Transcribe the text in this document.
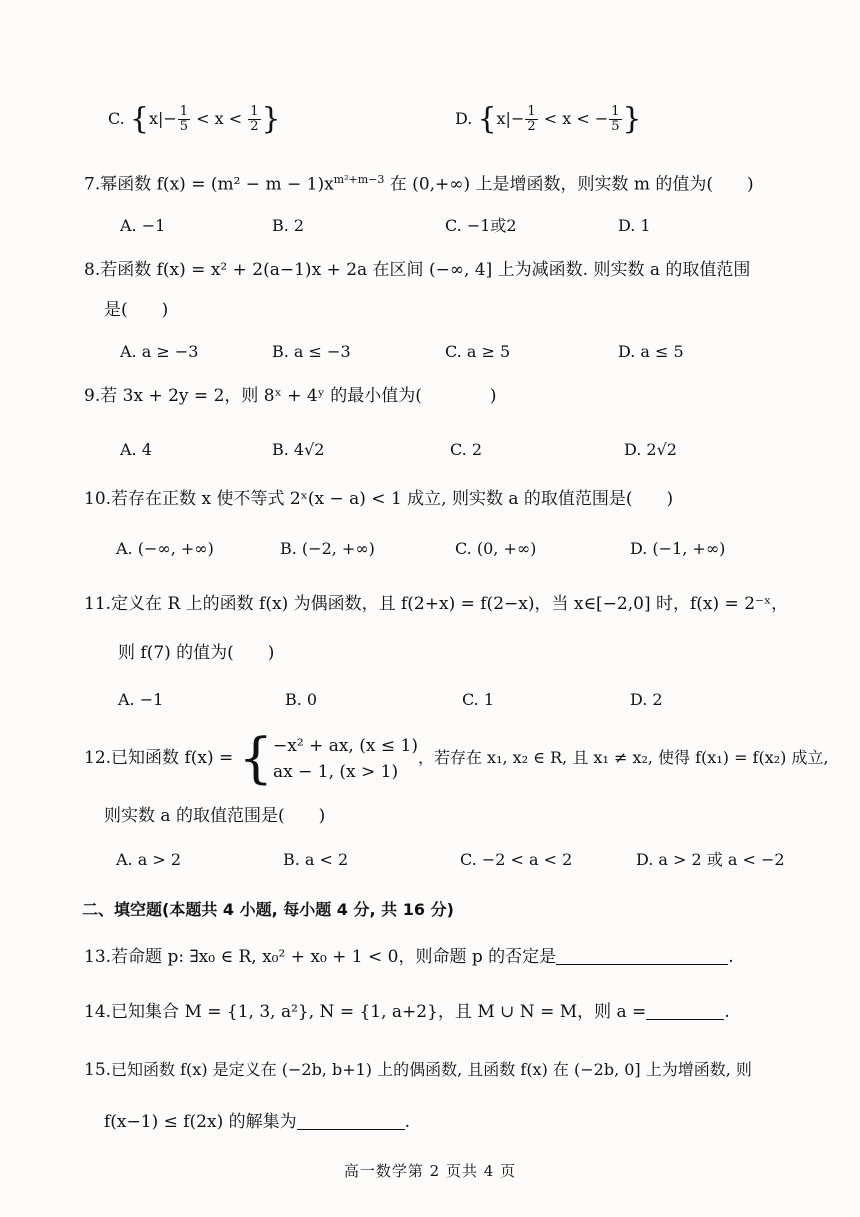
C. {$x|- \frac{1}{5} < x < \frac{1}{2}$ }	D. {$x|- \frac{1}{2} < x$ < − $\frac{1}{5}$ }
7.幂函数 $f(x) = (m^2 - m - 1)x^{m^2+m-3}$ 在 (0,+∞) 上是增函数，则实数 m 的值为(　　)
A. −1	B. 2	C. −1或2	D. 1
8.若函数 f(x) = x² + 2(a−1)x + 2a 在区间 (−∞, 4] 上为减函数. 则实数 a 的取值范围
是(　　)
A. a ≥ −3	B. a ≤ −3	C. a ≥ 5	D. a ≤ 5
9.若 3x + 2y = 2，则 8ˣ + 4ʸ 的最小值为(　　　　)
A. 4	B. 4√2	C. 2	D. 2√2
10.若存在正数 x 使不等式 2ˣ(x − a) < 1 成立, 则实数 a 的取值范围是(　　)
A. (−∞, +∞)	B. (−2, +∞)	C. (0, +∞)	D. (−1, +∞)
11.定义在 R 上的函数 f(x) 为偶函数，且 f(2+x) = f(2−x)，当 x∈[−2,0] 时，f(x) = 2⁻ˣ，
则 f(7) 的值为(　　)
A. −1	B. 0	C. 1	D. 2
12.已知函数 f(x) = { −x² + ax, (x ≤ 1)
ax − 1, (x > 1)
，若存在 x₁, x₂ ∈ R, 且 x₁ ≠ x₂, 使得 f(x₁) = f(x₂) 成立,
则实数 a 的取值范围是(　　)
A. a > 2	B. a < 2	C. −2 < a < 2	D. a > 2 或 a < −2
二、填空题(本题共 4 小题, 每小题 4 分, 共 16 分)
13.若命题 p: ∃x₀ ∈ R, x₀² + x₀ + 1 < 0，则命题 p 的否定是	.
14.已知集合 M = {1, 3, a²}, N = {1, a+2}，且 M ∪ N = M，则 a =	.
15.已知函数 f(x) 是定义在 (−2b, b+1) 上的偶函数, 且函数 f(x) 在 (−2b, 0] 上为增函数, 则
f(x−1) ≤ f(2x) 的解集为	.
高一数学第 2 页共 4 页
